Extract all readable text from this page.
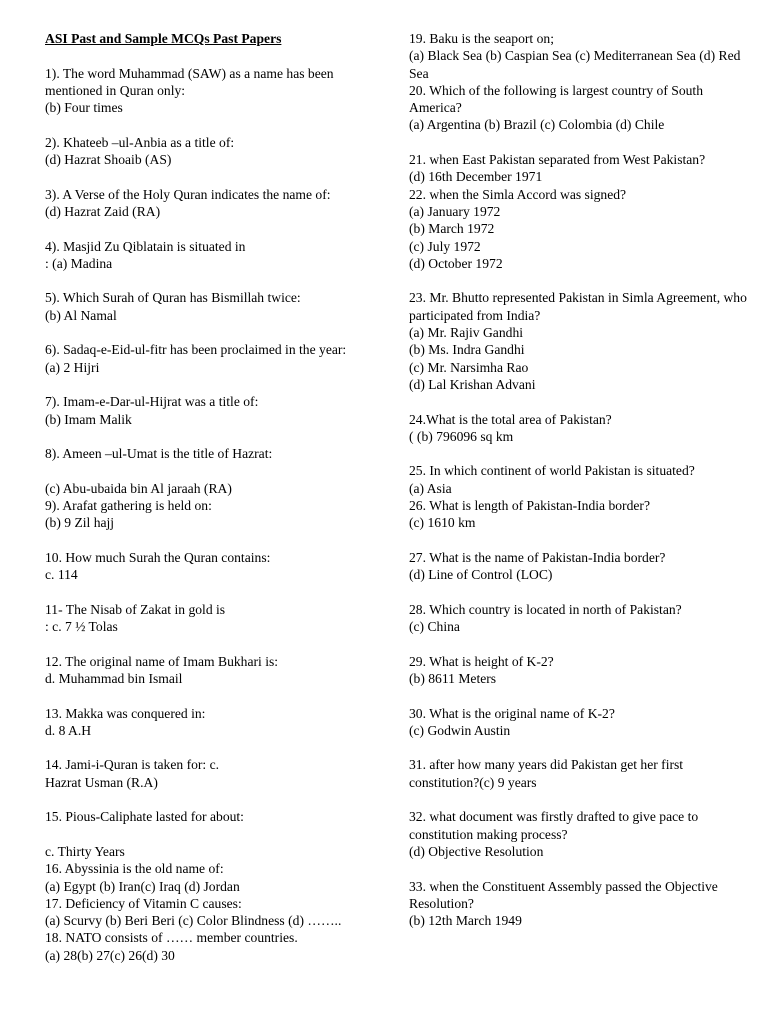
ASI Past and Sample MCQs Past Papers
1). The word Muhammad (SAW) as a name has been mentioned in Quran only:
(b) Four times
2). Khateeb –ul-Anbia as a title of:
(d) Hazrat Shoaib (AS)
3). A Verse of the Holy Quran indicates the name of:
(d) Hazrat Zaid (RA)
4). Masjid Zu Qiblatain is situated in
: (a) Madina
5). Which Surah of Quran has Bismillah twice:
(b) Al Namal
6). Sadaq-e-Eid-ul-fitr has been proclaimed in the year:
(a) 2 Hijri
7). Imam-e-Dar-ul-Hijrat was a title of:
(b) Imam Malik
8). Ameen –ul-Umat is the title of Hazrat:
(c) Abu-ubaida bin Al jaraah (RA)
9). Arafat gathering is held on:
(b) 9 Zil hajj
10. How much Surah the Quran contains:
c. 114
11- The Nisab of Zakat in gold is
: c. 7 ½ Tolas
12. The original name of Imam Bukhari is:
d. Muhammad bin Ismail
13. Makka was conquered in:
d. 8 A.H
14. Jami-i-Quran is taken for: c.
Hazrat Usman (R.A)
15. Pious-Caliphate lasted for about:
c. Thirty Years
16. Abyssinia is the old name of:
(a) Egypt (b) Iran(c) Iraq (d) Jordan
17. Deficiency of Vitamin C causes:
(a) Scurvy (b) Beri Beri (c) Color Blindness (d) ……..
18. NATO consists of …… member countries.
(a) 28(b) 27(c) 26(d) 30
19. Baku is the seaport on;
(a) Black Sea (b) Caspian Sea (c) Mediterranean Sea (d) Red Sea
20. Which of the following is largest country of South America?
(a) Argentina (b) Brazil (c) Colombia (d) Chile
21. when East Pakistan separated from West Pakistan?
(d) 16th December 1971
22. when the Simla Accord was signed?
(a) January 1972
(b) March 1972
(c) July 1972
(d) October 1972
23. Mr. Bhutto represented Pakistan in Simla Agreement, who participated from India?
(a) Mr. Rajiv Gandhi
(b) Ms. Indra Gandhi
(c) Mr. Narsimha Rao
(d) Lal Krishan Advani
24.What is the total area of Pakistan?
( (b) 796096 sq km
25. In which continent of world Pakistan is situated?
(a) Asia
26. What is length of Pakistan-India border?
(c) 1610 km
27. What is the name of Pakistan-India border?
(d) Line of Control (LOC)
28. Which country is located in north of Pakistan?
(c) China
29. What is height of K-2?
(b) 8611 Meters
30. What is the original name of K-2?
(c) Godwin Austin
31. after how many years did Pakistan get her first constitution?(c) 9 years
32. what document was firstly drafted to give pace to constitution making process?
(d) Objective Resolution
33. when the Constituent Assembly passed the Objective Resolution?
(b) 12th March 1949
